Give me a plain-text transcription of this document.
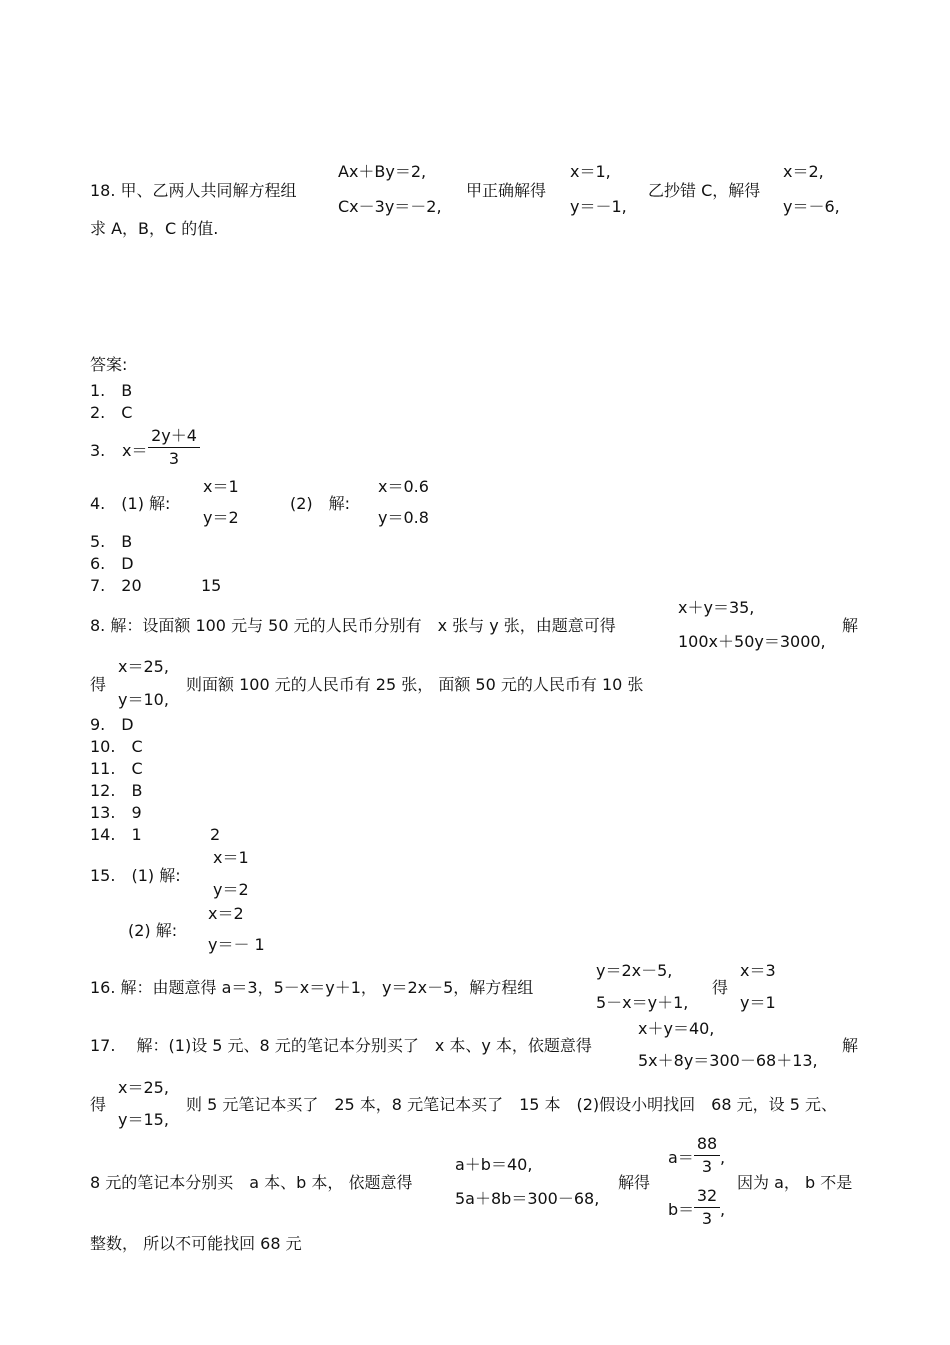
18. 甲、乙两人共同解方程组
Ax＋By＝2,
Cx－3y＝－2,
甲正确解得
x＝1,
y＝－1,
乙抄错 C，解得
x＝2,
y＝－6,
求 A，B，C 的值.
答案:
1.　B
2.　C
3. $x= \frac{2y+4}{3}$
4.　(1) 解:
x＝1
y＝2
(2)　解:
x＝0.6
y＝0.8
5.　B
6.　D
7.　20	15
8. 解：设面额 100 元与 50 元的人民币分别有　x 张与 y 张，由题意可得
x＋y＝35,
100x＋50y＝3000,
解
得
x＝25,
y＝10,
则面额 100 元的人民币有 25 张， 面额 50 元的人民币有 10 张
9.　D
10.　C
11.　C
12.　B
13.　9
14.　1	2
15.　(1) 解:
x＝1
y＝2
(2) 解:
x＝2
y＝－ 1
16. 解：由题意得 a＝3，5－x＝y＋1， y＝2x－5，解方程组
y＝2x－5,
5－x＝y＋1,
得
x＝3
y＝1
17.　 解：(1)设 5 元、8 元的笔记本分别买了　x 本、y 本，依题意得
x＋y＝40,
5x＋8y＝300－68＋13,
解
得
x＝25,
y＝15,
则 5 元笔记本买了　25 本，8 元笔记本买了　15 本　(2)假设小明找回　68 元，设 5 元、
8 元的笔记本分别买　a 本、b 本， 依题意得
a＋b＝40,
5a＋8b＝300－68,
解得
$a= \frac{88}{3}$ ,
$b= \frac{32}{3}$ ,
因为 a， b 不是
整数， 所以不可能找回 68 元
